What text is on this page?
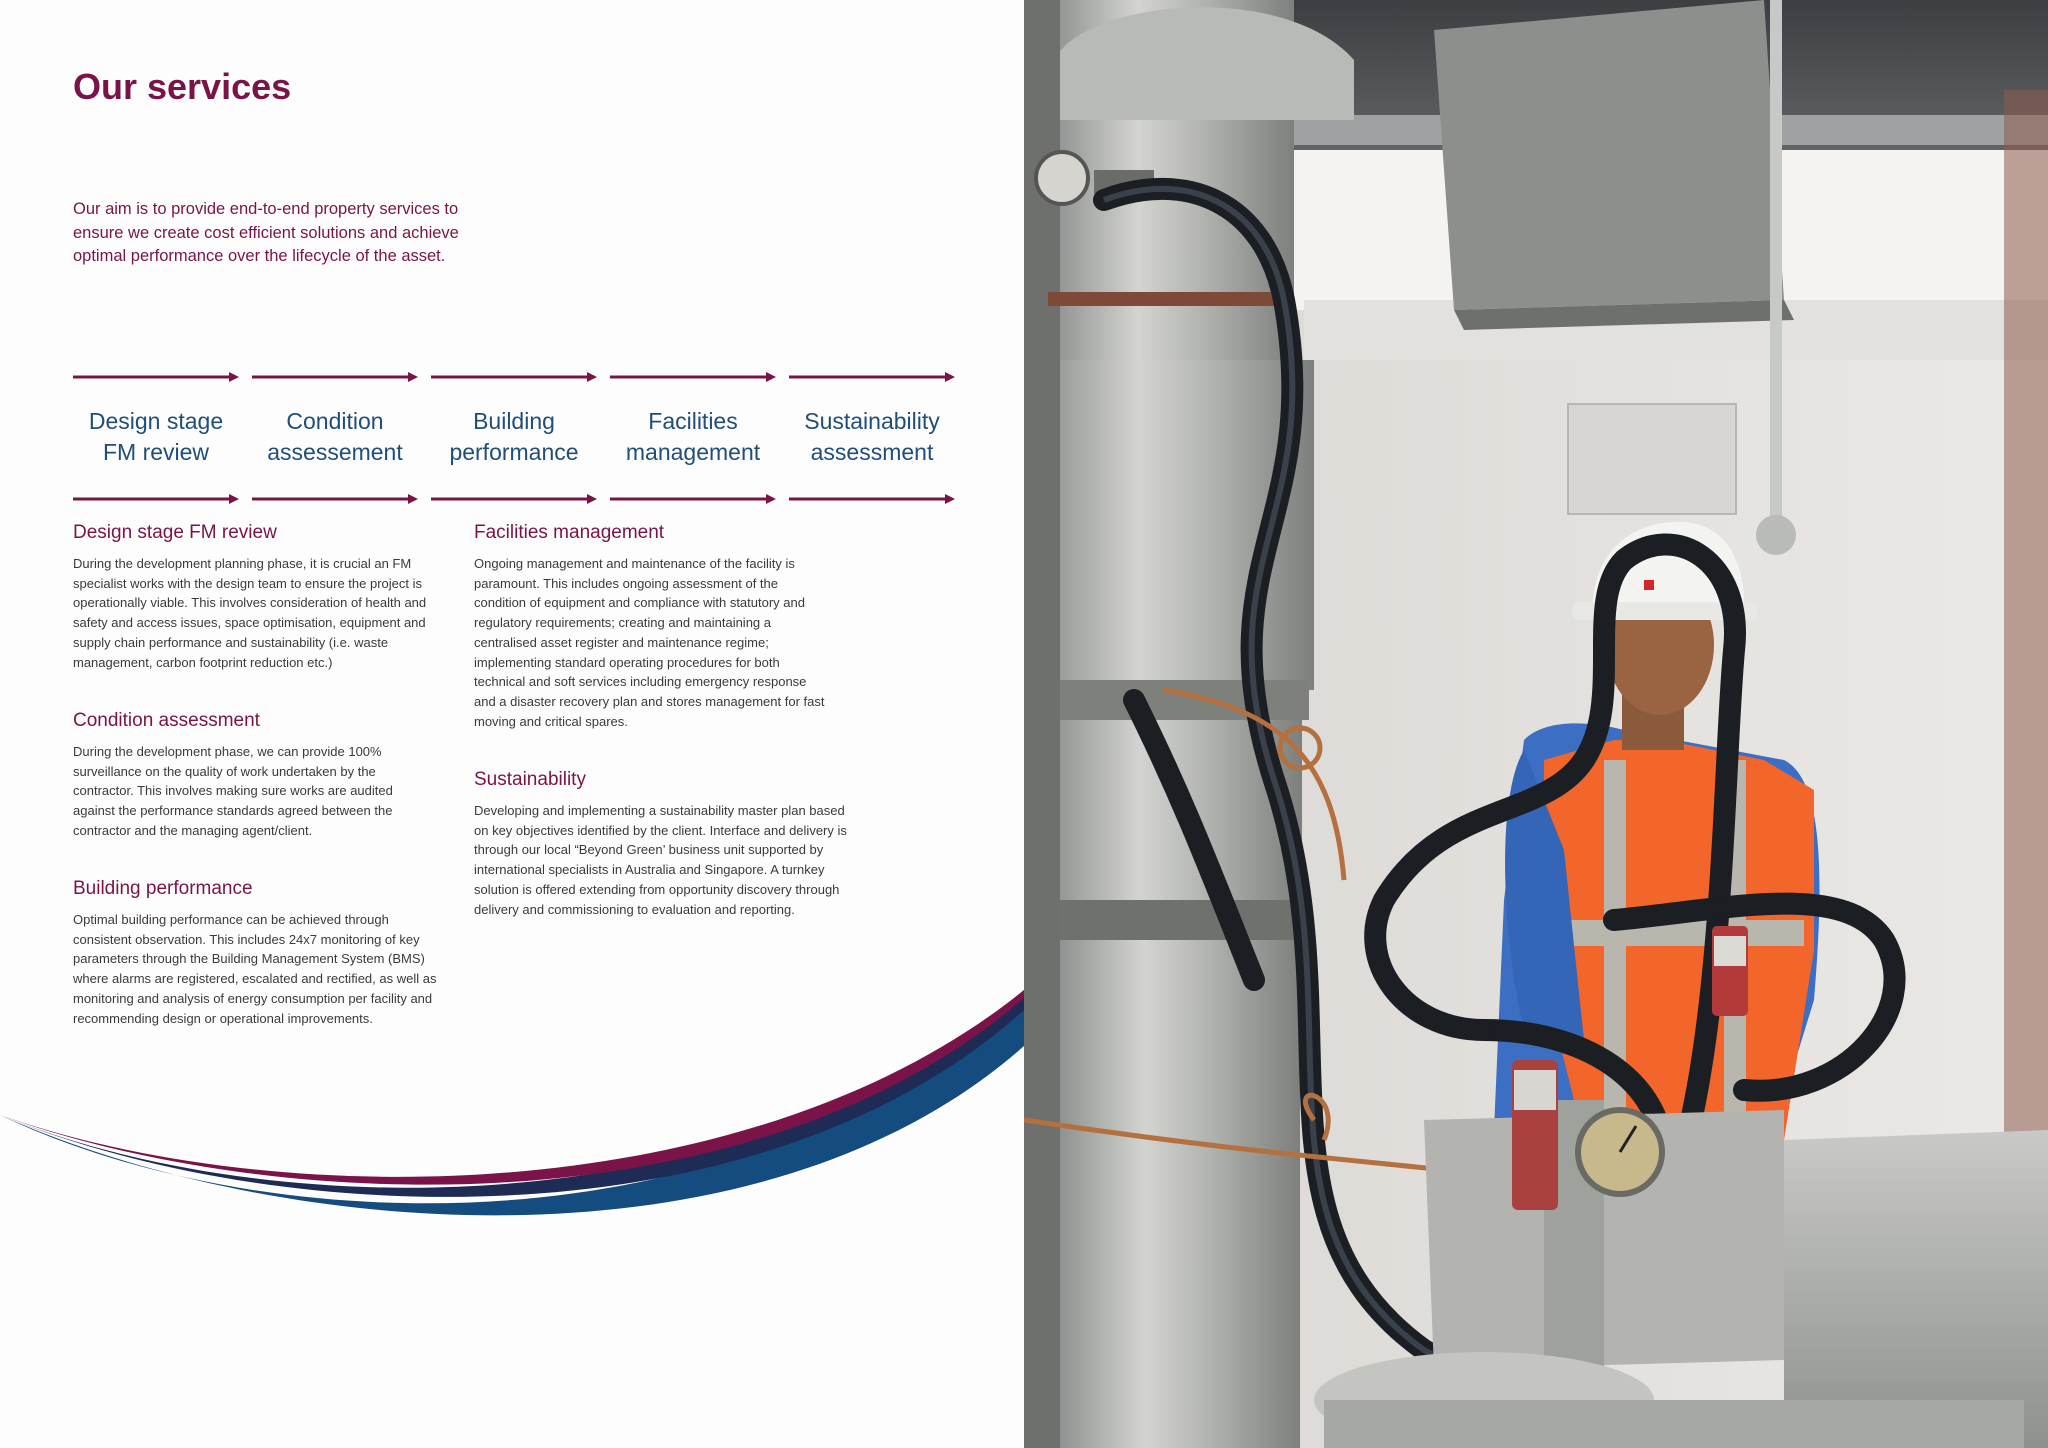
Our services

Our aim is to provide end-to-end property services to ensure we create cost efficient solutions and achieve optimal performance over the lifecycle of the asset.

Design stage
FM review
Condition
assessement
Building
performance
Facilities
management
Sustainability
assessment
Design stage FM review

During the development planning phase, it is crucial an FM specialist works with the design team to ensure the project is operationally viable. This involves consideration of health and safety and access issues, space optimisation, equipment and supply chain performance and sustainability (i.e. waste management, carbon footprint reduction etc.)

Condition assessment

During the development phase, we can provide 100% surveillance on the quality of work undertaken by the contractor. This involves making sure works are audited against the performance standards agreed between the contractor and the managing agent/client.

Building performance

Optimal building performance can be achieved through consistent observation. This includes 24x7 monitoring of key parameters through the Building Management System (BMS) where alarms are registered, escalated and rectified, as well as monitoring and analysis of energy consumption per facility and recommending design or operational improvements.

Facilities management

Ongoing management and maintenance of the facility is paramount. This includes ongoing assessment of the condition of equipment and compliance with statutory and regulatory requirements; creating and maintaining a centralised asset register and maintenance regime; implementing standard operating procedures for both technical and soft services including emergency response and a disaster recovery plan and stores management for fast moving and critical spares.

Sustainability

Developing and implementing a sustainability master plan based on key objectives identified by the client. Interface and delivery is through our local “Beyond Green’ business unit supported by international specialists in Australia and Singapore. A turnkey solution is offered extending from opportunity discovery through delivery and commissioning to evaluation and reporting.
